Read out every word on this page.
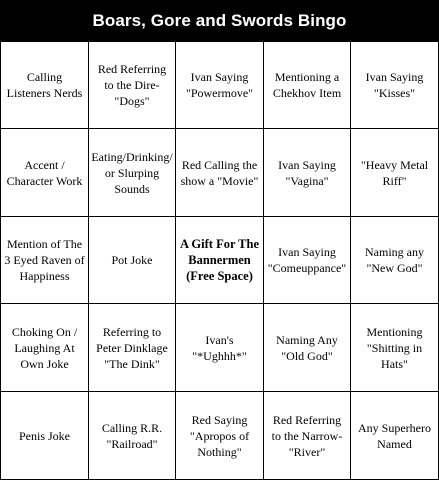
Boars, Gore and Swords Bingo
Calling Listeners Nerds
Red Referring to the Dire-"Dogs"
Ivan Saying "Powermove"
Mentioning a Chekhov Item
Ivan Saying "Kisses"
Accent / Character Work
Eating/Drinking/ or Slurping Sounds
Red Calling the show a "Movie"
Ivan Saying "Vagina"
"Heavy Metal Riff"
Mention of The 3 Eyed Raven of Happiness
Pot Joke
A Gift For The Bannermen (Free Space)
Ivan Saying "Comeuppance"
Naming any "New God"
Choking On / Laughing At Own Joke
Referring to Peter Dinklage "The Dink"
Ivan's "*Ughhh*"
Naming Any "Old God"
Mentioning "Shitting in Hats"
Penis Joke
Calling R.R. "Railroad"
Red Saying "Apropos of Nothing"
Red Referring to the Narrow-"River"
Any Superhero Named
